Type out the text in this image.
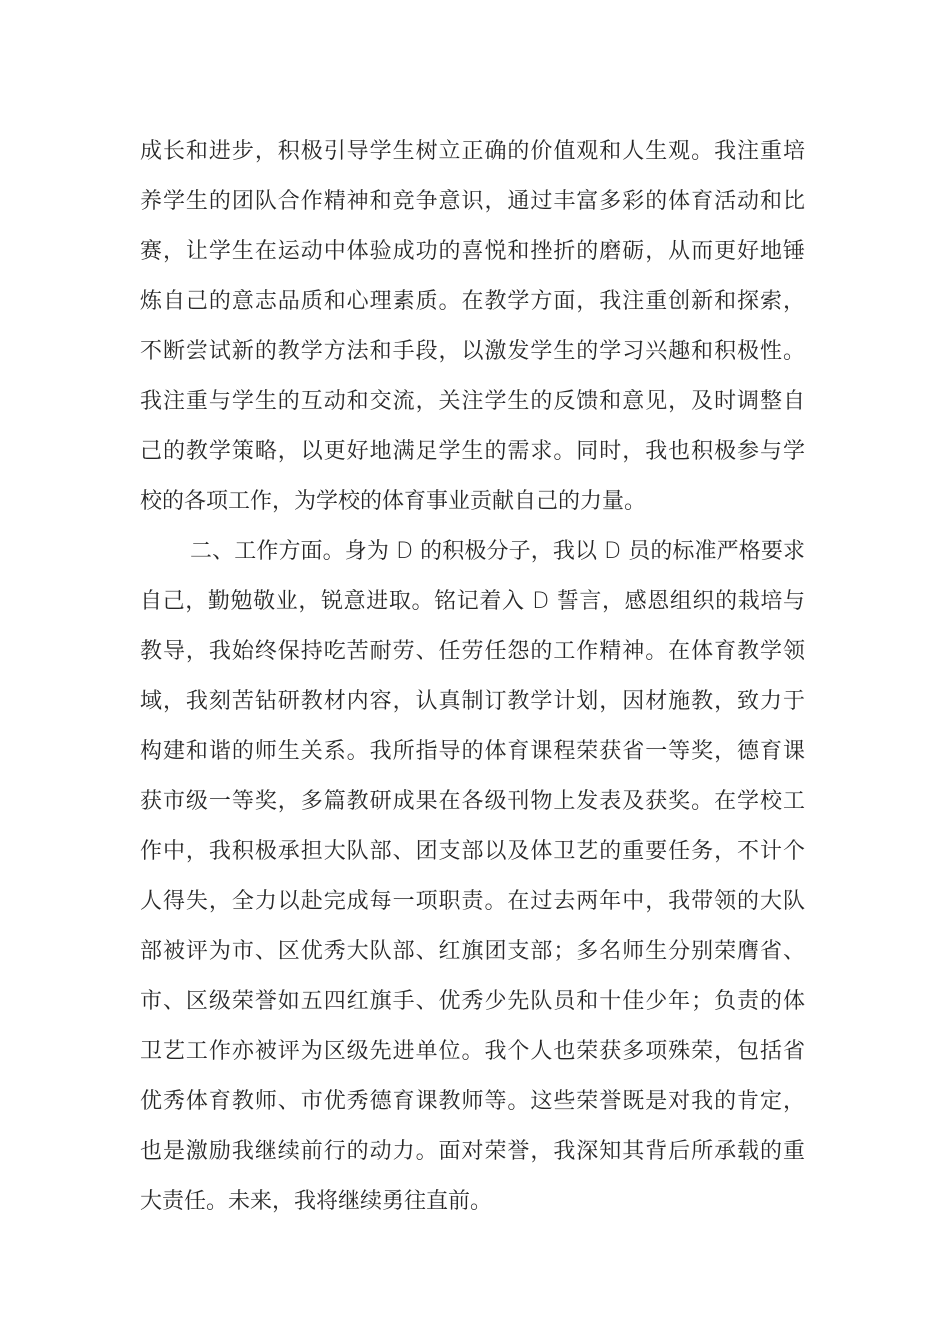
成长和进步，积极引导学生树立正确的价值观和人生观。我注重培
养学生的团队合作精神和竞争意识，通过丰富多彩的体育活动和比
赛，让学生在运动中体验成功的喜悦和挫折的磨砺，从而更好地锤
炼自己的意志品质和心理素质。在教学方面，我注重创新和探索，
不断尝试新的教学方法和手段，以激发学生的学习兴趣和积极性。
我注重与学生的互动和交流，关注学生的反馈和意见，及时调整自
己的教学策略，以更好地满足学生的需求。同时，我也积极参与学
校的各项工作，为学校的体育事业贡献自己的力量。
二、工作方面。身为 D 的积极分子，我以 D 员的标准严格要求
自己，勤勉敬业，锐意进取。铭记着入 D 誓言，感恩组织的栽培与
教导，我始终保持吃苦耐劳、任劳任怨的工作精神。在体育教学领
域，我刻苦钻研教材内容，认真制订教学计划，因材施教，致力于
构建和谐的师生关系。我所指导的体育课程荣获省一等奖，德育课
获市级一等奖，多篇教研成果在各级刊物上发表及获奖。在学校工
作中，我积极承担大队部、团支部以及体卫艺的重要任务，不计个
人得失，全力以赴完成每一项职责。在过去两年中，我带领的大队
部被评为市、区优秀大队部、红旗团支部；多名师生分别荣膺省、
市、区级荣誉如五四红旗手、优秀少先队员和十佳少年；负责的体
卫艺工作亦被评为区级先进单位。我个人也荣获多项殊荣，包括省
优秀体育教师、市优秀德育课教师等。这些荣誉既是对我的肯定，
也是激励我继续前行的动力。面对荣誉，我深知其背后所承载的重
大责任。未来，我将继续勇往直前。
